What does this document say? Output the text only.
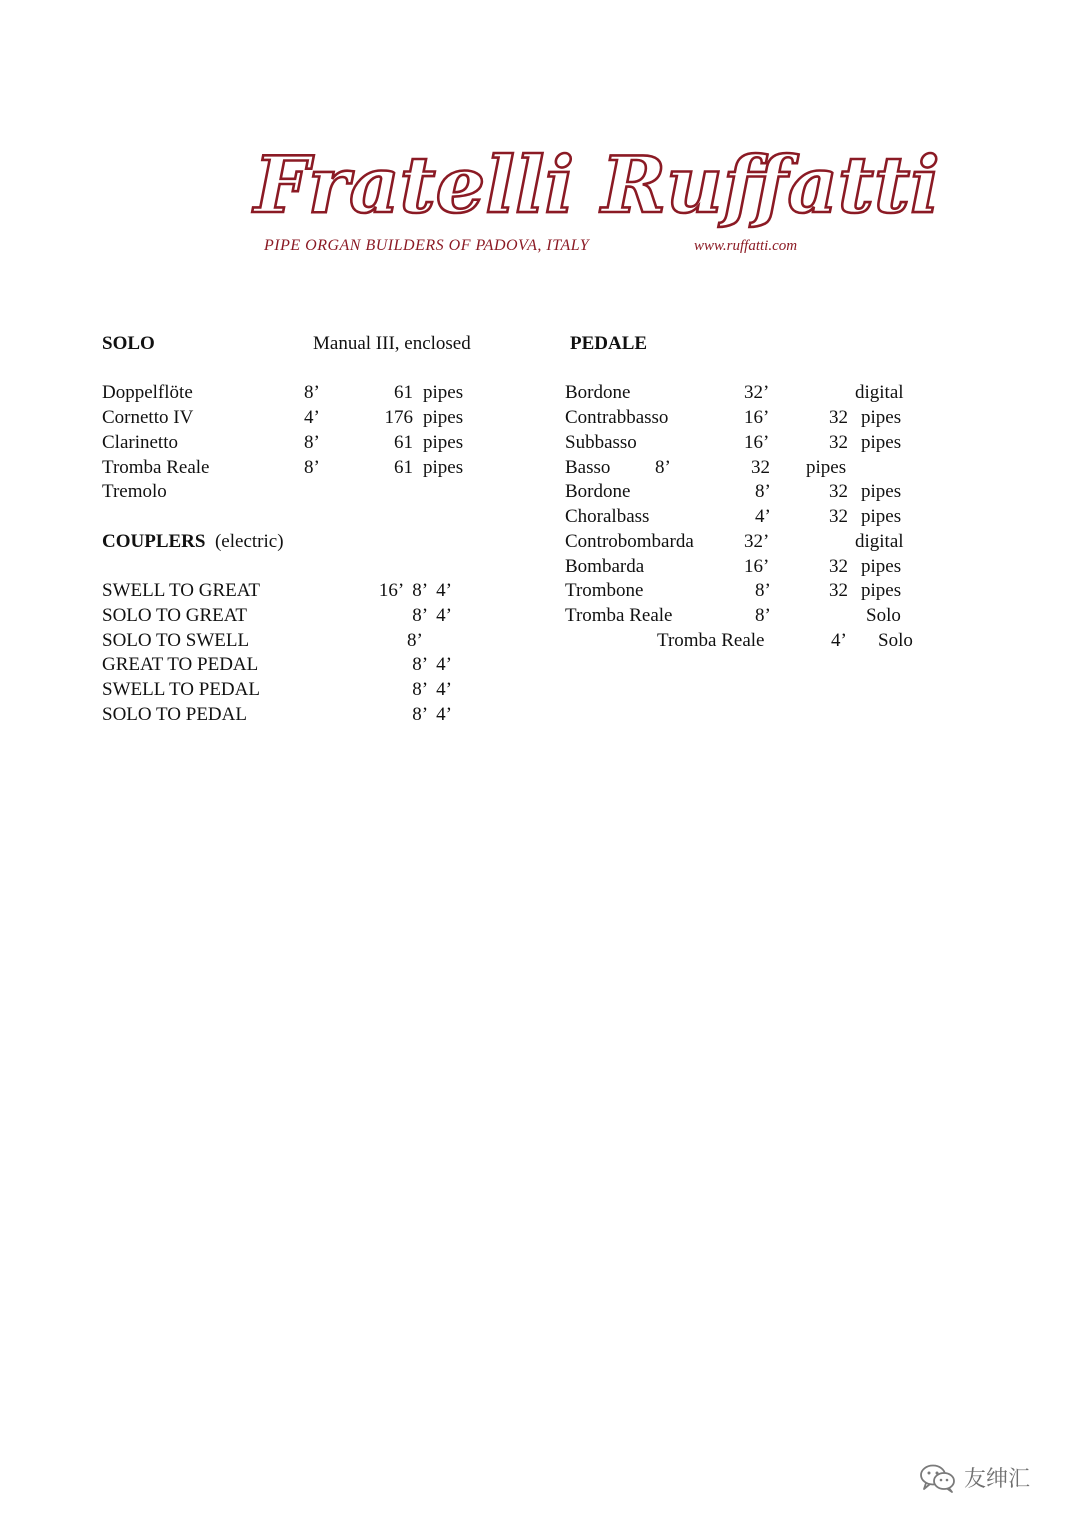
Fratelli Ruffatti
PIPE ORGAN BUILDERS OF PADOVA, ITALY	www.ruffatti.com
SOLO	Manual III, enclosed
Doppelflöte	8’	61 pipes
Cornetto IV	4’	176 pipes
Clarinetto	8’	61 pipes
Tromba Reale	8’	61 pipes
Tremolo
COUPLERS (electric)
SWELL TO GREAT	16’  8’  4’
SOLO TO GREAT	8’  4’
SOLO TO SWELL	8’
GREAT TO PEDAL	8’  4’
SWELL TO PEDAL	8’  4’
SOLO TO PEDAL	8’  4’
PEDALE
Bordone	32’	digital
Contrabbasso	16’	32 pipes
Subbasso	16’	32 pipes
Basso 8’	32 pipes
Bordone	8’	32 pipes
Choralbass	4’	32 pipes
Controbombarda	32’	digital
Bombarda	16’	32 pipes
Trombone	8’	32 pipes
Tromba Reale	8’	Solo
Tromba Reale	4’ Solo
友绅汇
